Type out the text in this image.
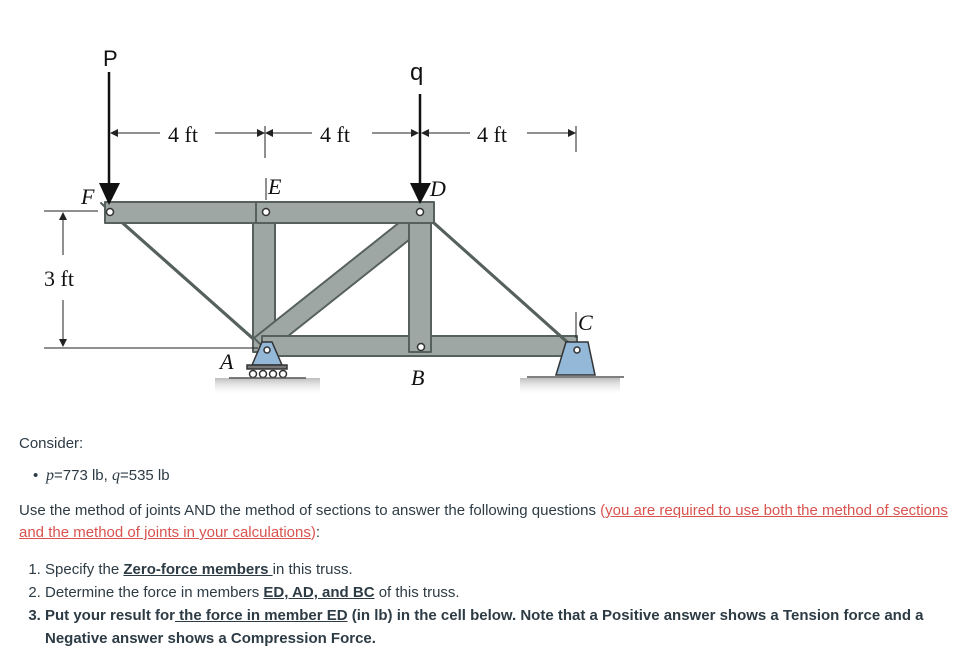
P
q
4 ft	4 ft	4 ft
3 ft
F	E	D
A
B
C

Consider:

• p=773 lb, q=535 lb

Use the method of joints AND the method of sections to answer the following questions (you are required to use both the method of sections and the method of joints in your calculations):

1. Specify the Zero-force members in this truss.
2. Determine the force in members ED, AD, and BC of this truss.
3. Put your result for the force in member ED (in lb) in the cell below. Note that a Positive answer shows a Tension force and a Negative answer shows a Compression Force.
